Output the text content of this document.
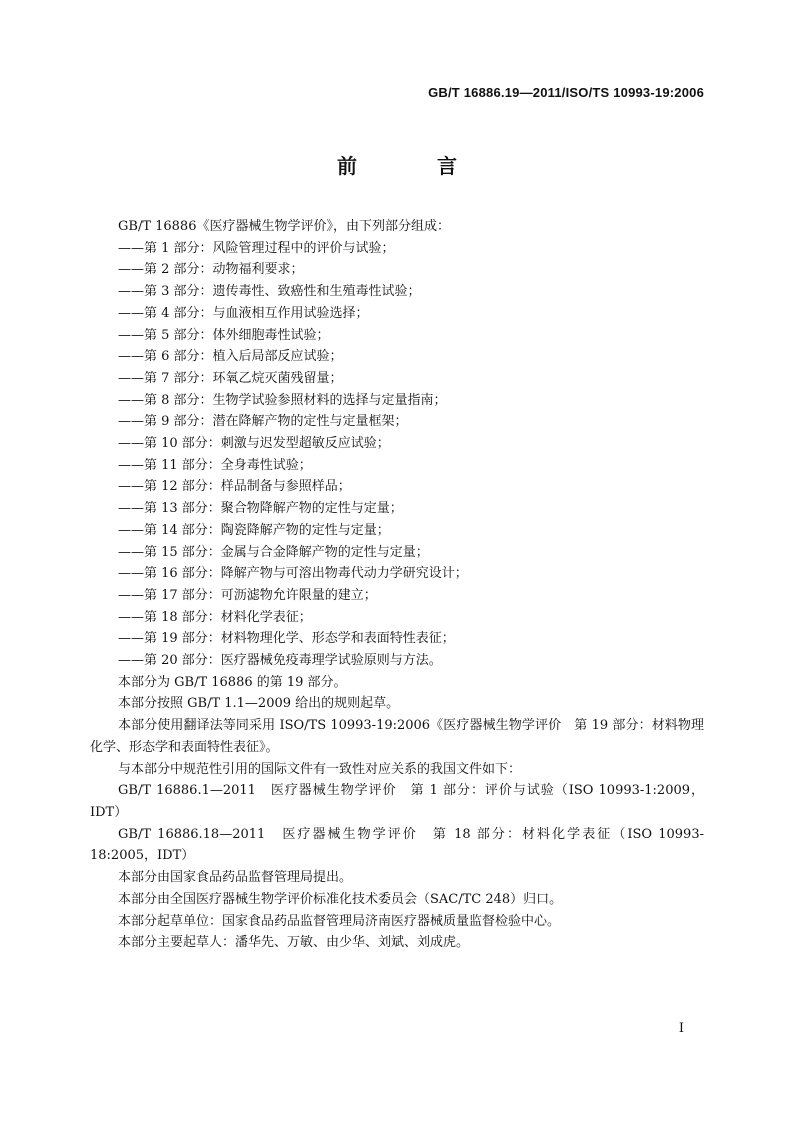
GB/T 16886.19—2011/ISO/TS 10993-19:2006
前　言

GB/T 16886《医疗器械生物学评价》，由下列部分组成：

——第 1 部分：风险管理过程中的评价与试验；

——第 2 部分：动物福利要求；

——第 3 部分：遗传毒性、致癌性和生殖毒性试验；

——第 4 部分：与血液相互作用试验选择；

——第 5 部分：体外细胞毒性试验；

——第 6 部分：植入后局部反应试验；

——第 7 部分：环氧乙烷灭菌残留量；

——第 8 部分：生物学试验参照材料的选择与定量指南；

——第 9 部分：潜在降解产物的定性与定量框架；

——第 10 部分：刺激与迟发型超敏反应试验；

——第 11 部分：全身毒性试验；

——第 12 部分：样品制备与参照样品；

——第 13 部分：聚合物降解产物的定性与定量；

——第 14 部分：陶瓷降解产物的定性与定量；

——第 15 部分：金属与合金降解产物的定性与定量；

——第 16 部分：降解产物与可溶出物毒代动力学研究设计；

——第 17 部分：可沥滤物允许限量的建立；

——第 18 部分：材料化学表征；

——第 19 部分：材料物理化学、形态学和表面特性表征；

——第 20 部分：医疗器械免疫毒理学试验原则与方法。

本部分为 GB/T 16886 的第 19 部分。

本部分按照 GB/T 1.1—2009 给出的规则起草。

本部分使用翻译法等同采用 ISO/TS 10993-19:2006《医疗器械生物学评价　第 19 部分：材料物理化学、形态学和表面特性表征》。

与本部分中规范性引用的国际文件有一致性对应关系的我国文件如下：

GB/T 16886.1—2011　医疗器械生物学评价　第 1 部分：评价与试验（ISO 10993-1:2009，IDT）

GB/T 16886.18—2011　医疗器械生物学评价　第 18 部分：材料化学表征（ISO 10993-18:2005，IDT）

本部分由国家食品药品监督管理局提出。

本部分由全国医疗器械生物学评价标准化技术委员会（SAC/TC 248）归口。

本部分起草单位：国家食品药品监督管理局济南医疗器械质量监督检验中心。

本部分主要起草人：潘华先、万敏、由少华、刘斌、刘成虎。

I
